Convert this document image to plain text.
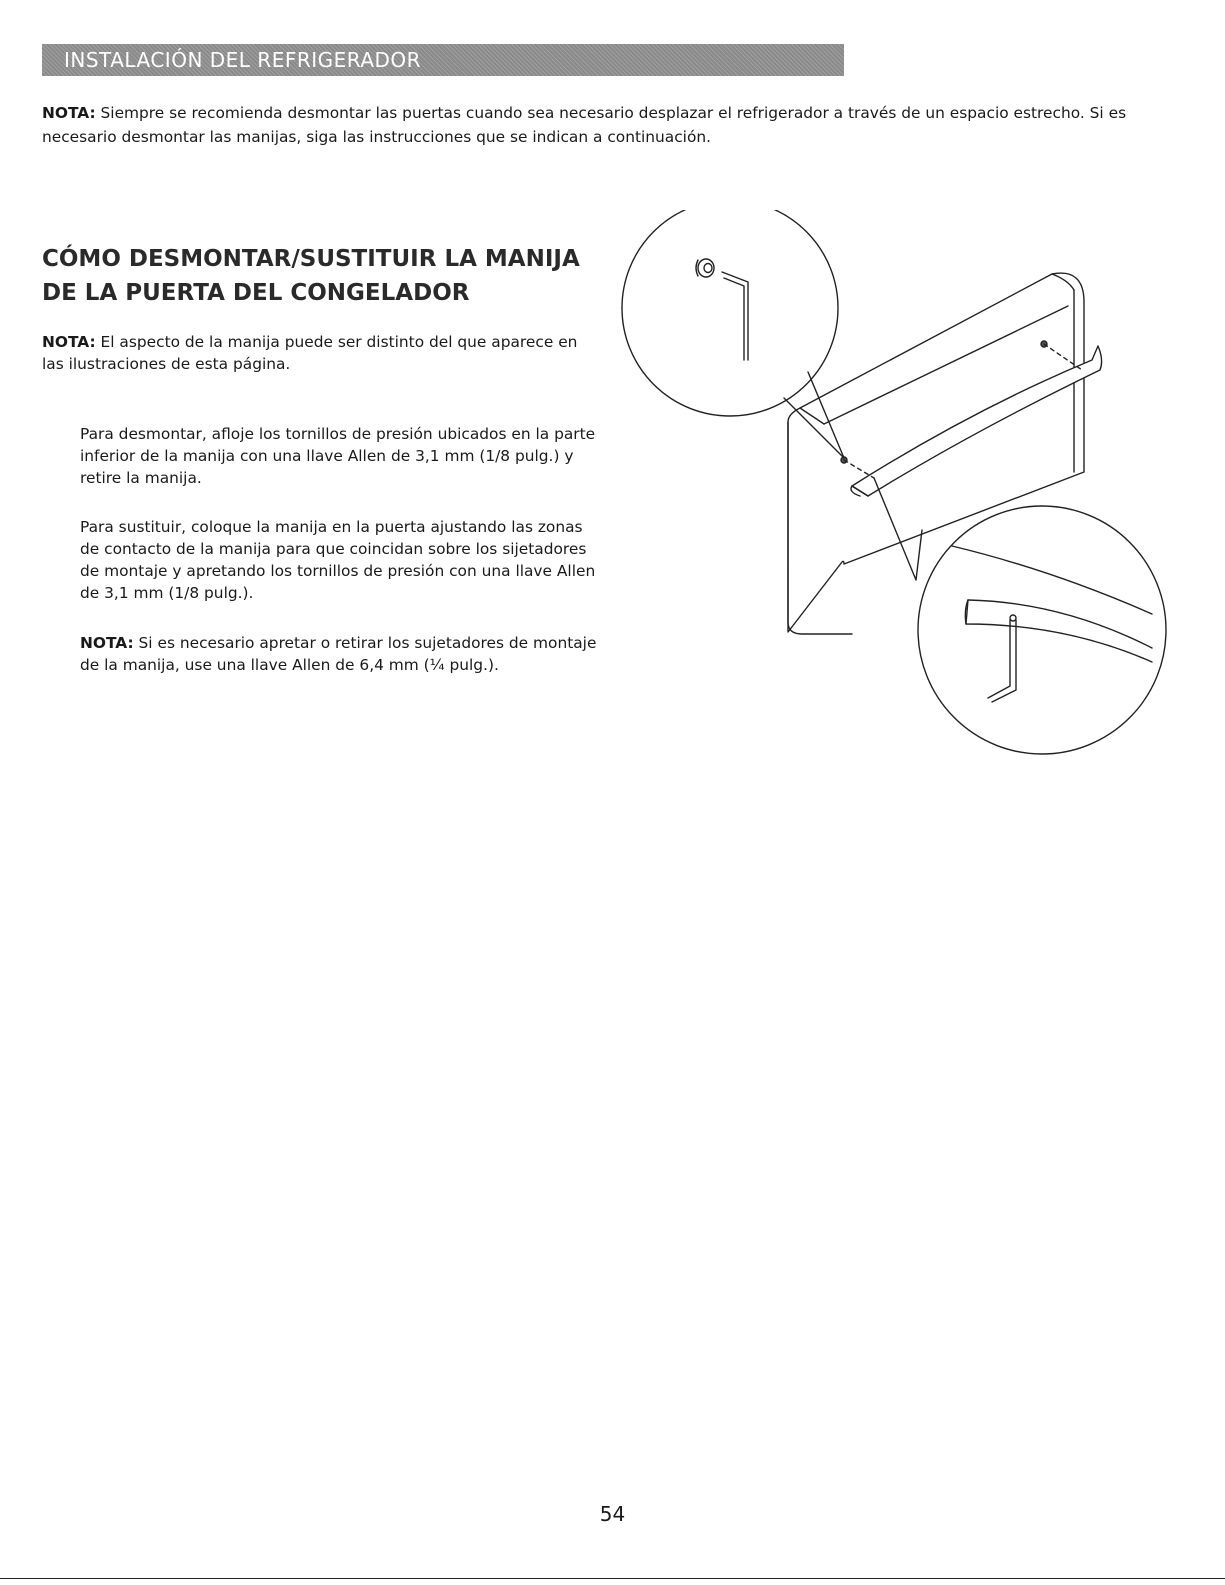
INSTALACIÓN DEL REFRIGERADOR

NOTA: Siempre se recomienda desmontar las puertas cuando sea necesario desplazar el refrigerador a través de un espacio estrecho. Si es necesario desmontar las manijas, siga las instrucciones que se indican a continuación.

CÓMO DESMONTAR/SUSTITUIR LA MANIJA
DE LA PUERTA DEL CONGELADOR

NOTA: El aspecto de la manija puede ser distinto del que aparece en las ilustraciones de esta página.

Para desmontar, afloje los tornillos de presión ubicados en la parte inferior de la manija con una llave Allen de 3,1 mm (1/8 pulg.) y retire la manija.

Para sustituir, coloque la manija en la puerta ajustando las zonas de contacto de la manija para que coincidan sobre los sijetadores de montaje y apretando los tornillos de presión con una llave Allen de 3,1 mm (1/8 pulg.).

NOTA: Si es necesario apretar o retirar los sujetadores de montaje de la manija, use una llave Allen de 6,4 mm (¼ pulg.).

54
